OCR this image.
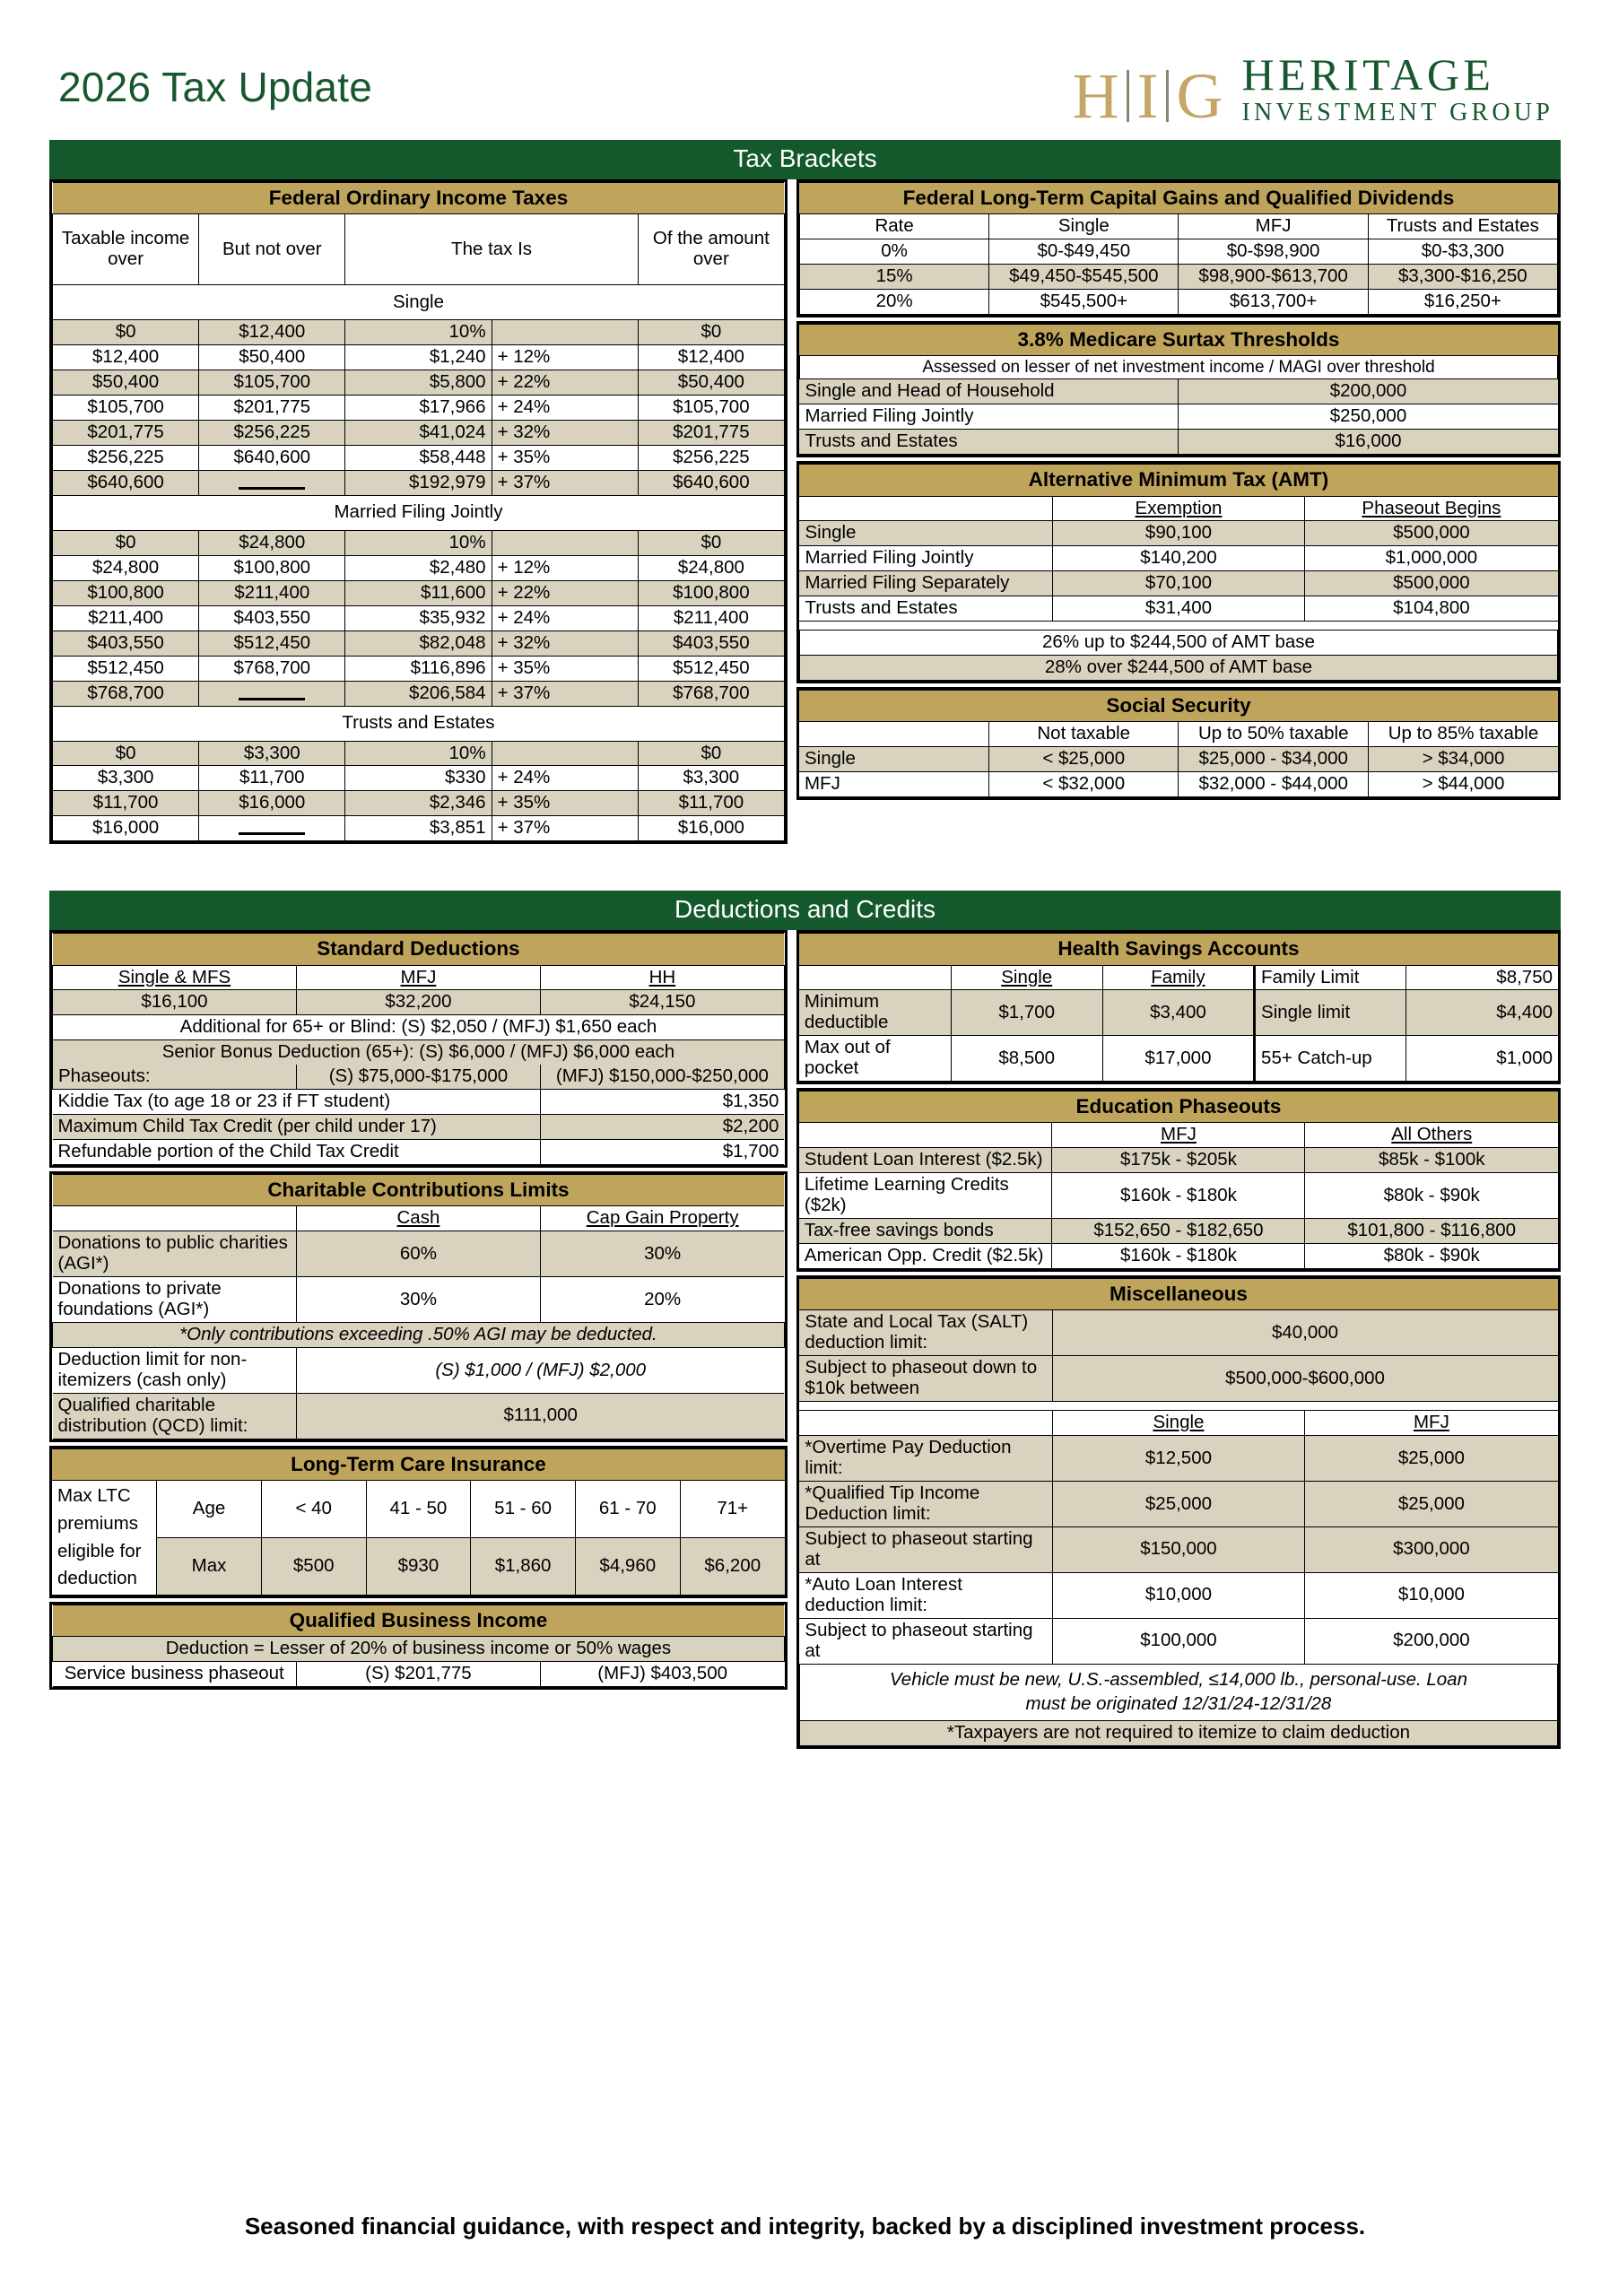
2026 Tax Update	H I G HERITAGE
INVESTMENT GROUP
Tax Brackets
Federal Ordinary Income Taxes				
Taxable income over	But not over	The tax Is		Of the amount over
Single				
$0	$12,400	10%		$0
$12,400	$50,400	$1,240	+ 12%	$12,400
$50,400	$105,700	$5,800	+ 22%	$50,400
$105,700	$201,775	$17,966	+ 24%	$105,700
$201,775	$256,225	$41,024	+ 32%	$201,775
$256,225	$640,600	$58,448	+ 35%	$256,225
$640,600		$192,979	+ 37%	$640,600
Married Filing Jointly				
$0	$24,800	10%		$0
$24,800	$100,800	$2,480	+ 12%	$24,800
$100,800	$211,400	$11,600	+ 22%	$100,800
$211,400	$403,550	$35,932	+ 24%	$211,400
$403,550	$512,450	$82,048	+ 32%	$403,550
$512,450	$768,700	$116,896	+ 35%	$512,450
$768,700		$206,584	+ 37%	$768,700
Trusts and Estates				
$0	$3,300	10%		$0
$3,300	$11,700	$330	+ 24%	$3,300
$11,700	$16,000	$2,346	+ 35%	$11,700
$16,000		$3,851	+ 37%	$16,000
Federal Long-Term Capital Gains and Qualified Dividends			
Rate	Single	MFJ	Trusts and Estates
0%	$0-$49,450	$0-$98,900	$0-$3,300
15%	$49,450-$545,500	$98,900-$613,700	$3,300-$16,250
20%	$545,500+	$613,700+	$16,250+
3.8% Medicare Surtax Thresholds	
Assessed on lesser of net investment income / MAGI over threshold	
Single and Head of Household	$200,000
Married Filing Jointly	$250,000
Trusts and Estates	$16,000
Alternative Minimum Tax (AMT)		
	Exemption	Phaseout Begins
Single	$90,100	$500,000
Married Filing Jointly	$140,200	$1,000,000
Married Filing Separately	$70,100	$500,000
Trusts and Estates	$31,400	$104,800

26% up to $244,500 of AMT base		
28% over $244,500 of AMT base		
Social Security			
	Not taxable	Up to 50% taxable	Up to 85% taxable
Single	< $25,000	$25,000 - $34,000	> $34,000
MFJ	< $32,000	$32,000 - $44,000	> $44,000
Deductions and Credits
Standard Deductions		
Single & MFS	MFJ	HH
$16,100	$32,200	$24,150
Additional for 65+ or Blind: (S) $2,050 / (MFJ) $1,650 each		
Senior Bonus Deduction (65+): (S) $6,000 / (MFJ) $6,000 each		
Phaseouts:	(S) $75,000-$175,000	(MFJ) $150,000-$250,000
Kiddie Tax (to age 18 or 23 if FT student)		$1,350
Maximum Child Tax Credit (per child under 17)		$2,200
Refundable portion of the Child Tax Credit		$1,700
Charitable Contributions Limits		
	Cash	Cap Gain Property
Donations to public charities (AGI*)	60%	30%
Donations to private foundations (AGI*)	30%	20%
*Only contributions exceeding .50% AGI may be deducted.		
Deduction limit for non-itemizers (cash only)	(S) $1,000 / (MFJ) $2,000	
Qualified charitable distribution (QCD) limit:	$111,000	
Long-Term Care Insurance						
Max LTC premiums
eligible for deduction	Age	< 40	41 - 50	51 - 60	61 - 70	71+
	Max	$500	$930	$1,860	$4,960	$6,200
Qualified Business Income
Deduction = Lesser of 20% of business income or 50% wages
Service business phaseout	(S) $201,775	(MFJ) $403,500
Health Savings Accounts				
	Single	Family	Family Limit	$8,750
Minimum deductible	$1,700	$3,400	Single limit	$4,400
Max out of pocket	$8,500	$17,000	55+ Catch-up	$1,000
Education Phaseouts		
	MFJ	All Others
Student Loan Interest ($2.5k)	$175k - $205k	$85k - $100k
Lifetime Learning Credits ($2k)	$160k - $180k	$80k - $90k
Tax-free savings bonds	$152,650 - $182,650	$101,800 - $116,800
American Opp. Credit ($2.5k)	$160k - $180k	$80k - $90k
Miscellaneous		
State and Local Tax (SALT) deduction limit:	$40,000	
Subject to phaseout down to $10k between	$500,000-$600,000	

	Single	MFJ
*Overtime Pay Deduction limit:	$12,500	$25,000
*Qualified Tip Income Deduction limit:	$25,000	$25,000
Subject to phaseout starting at	$150,000	$300,000
*Auto Loan Interest deduction limit:	$10,000	$10,000
Subject to phaseout starting at	$100,000	$200,000
Vehicle must be new, U.S.-assembled, ≤14,000 lb., personal-use. Loan		
must be originated 12/31/24-12/31/28		
*Taxpayers are not required to itemize to claim deduction		
Seasoned financial guidance, with respect and integrity, backed by a disciplined investment process.
